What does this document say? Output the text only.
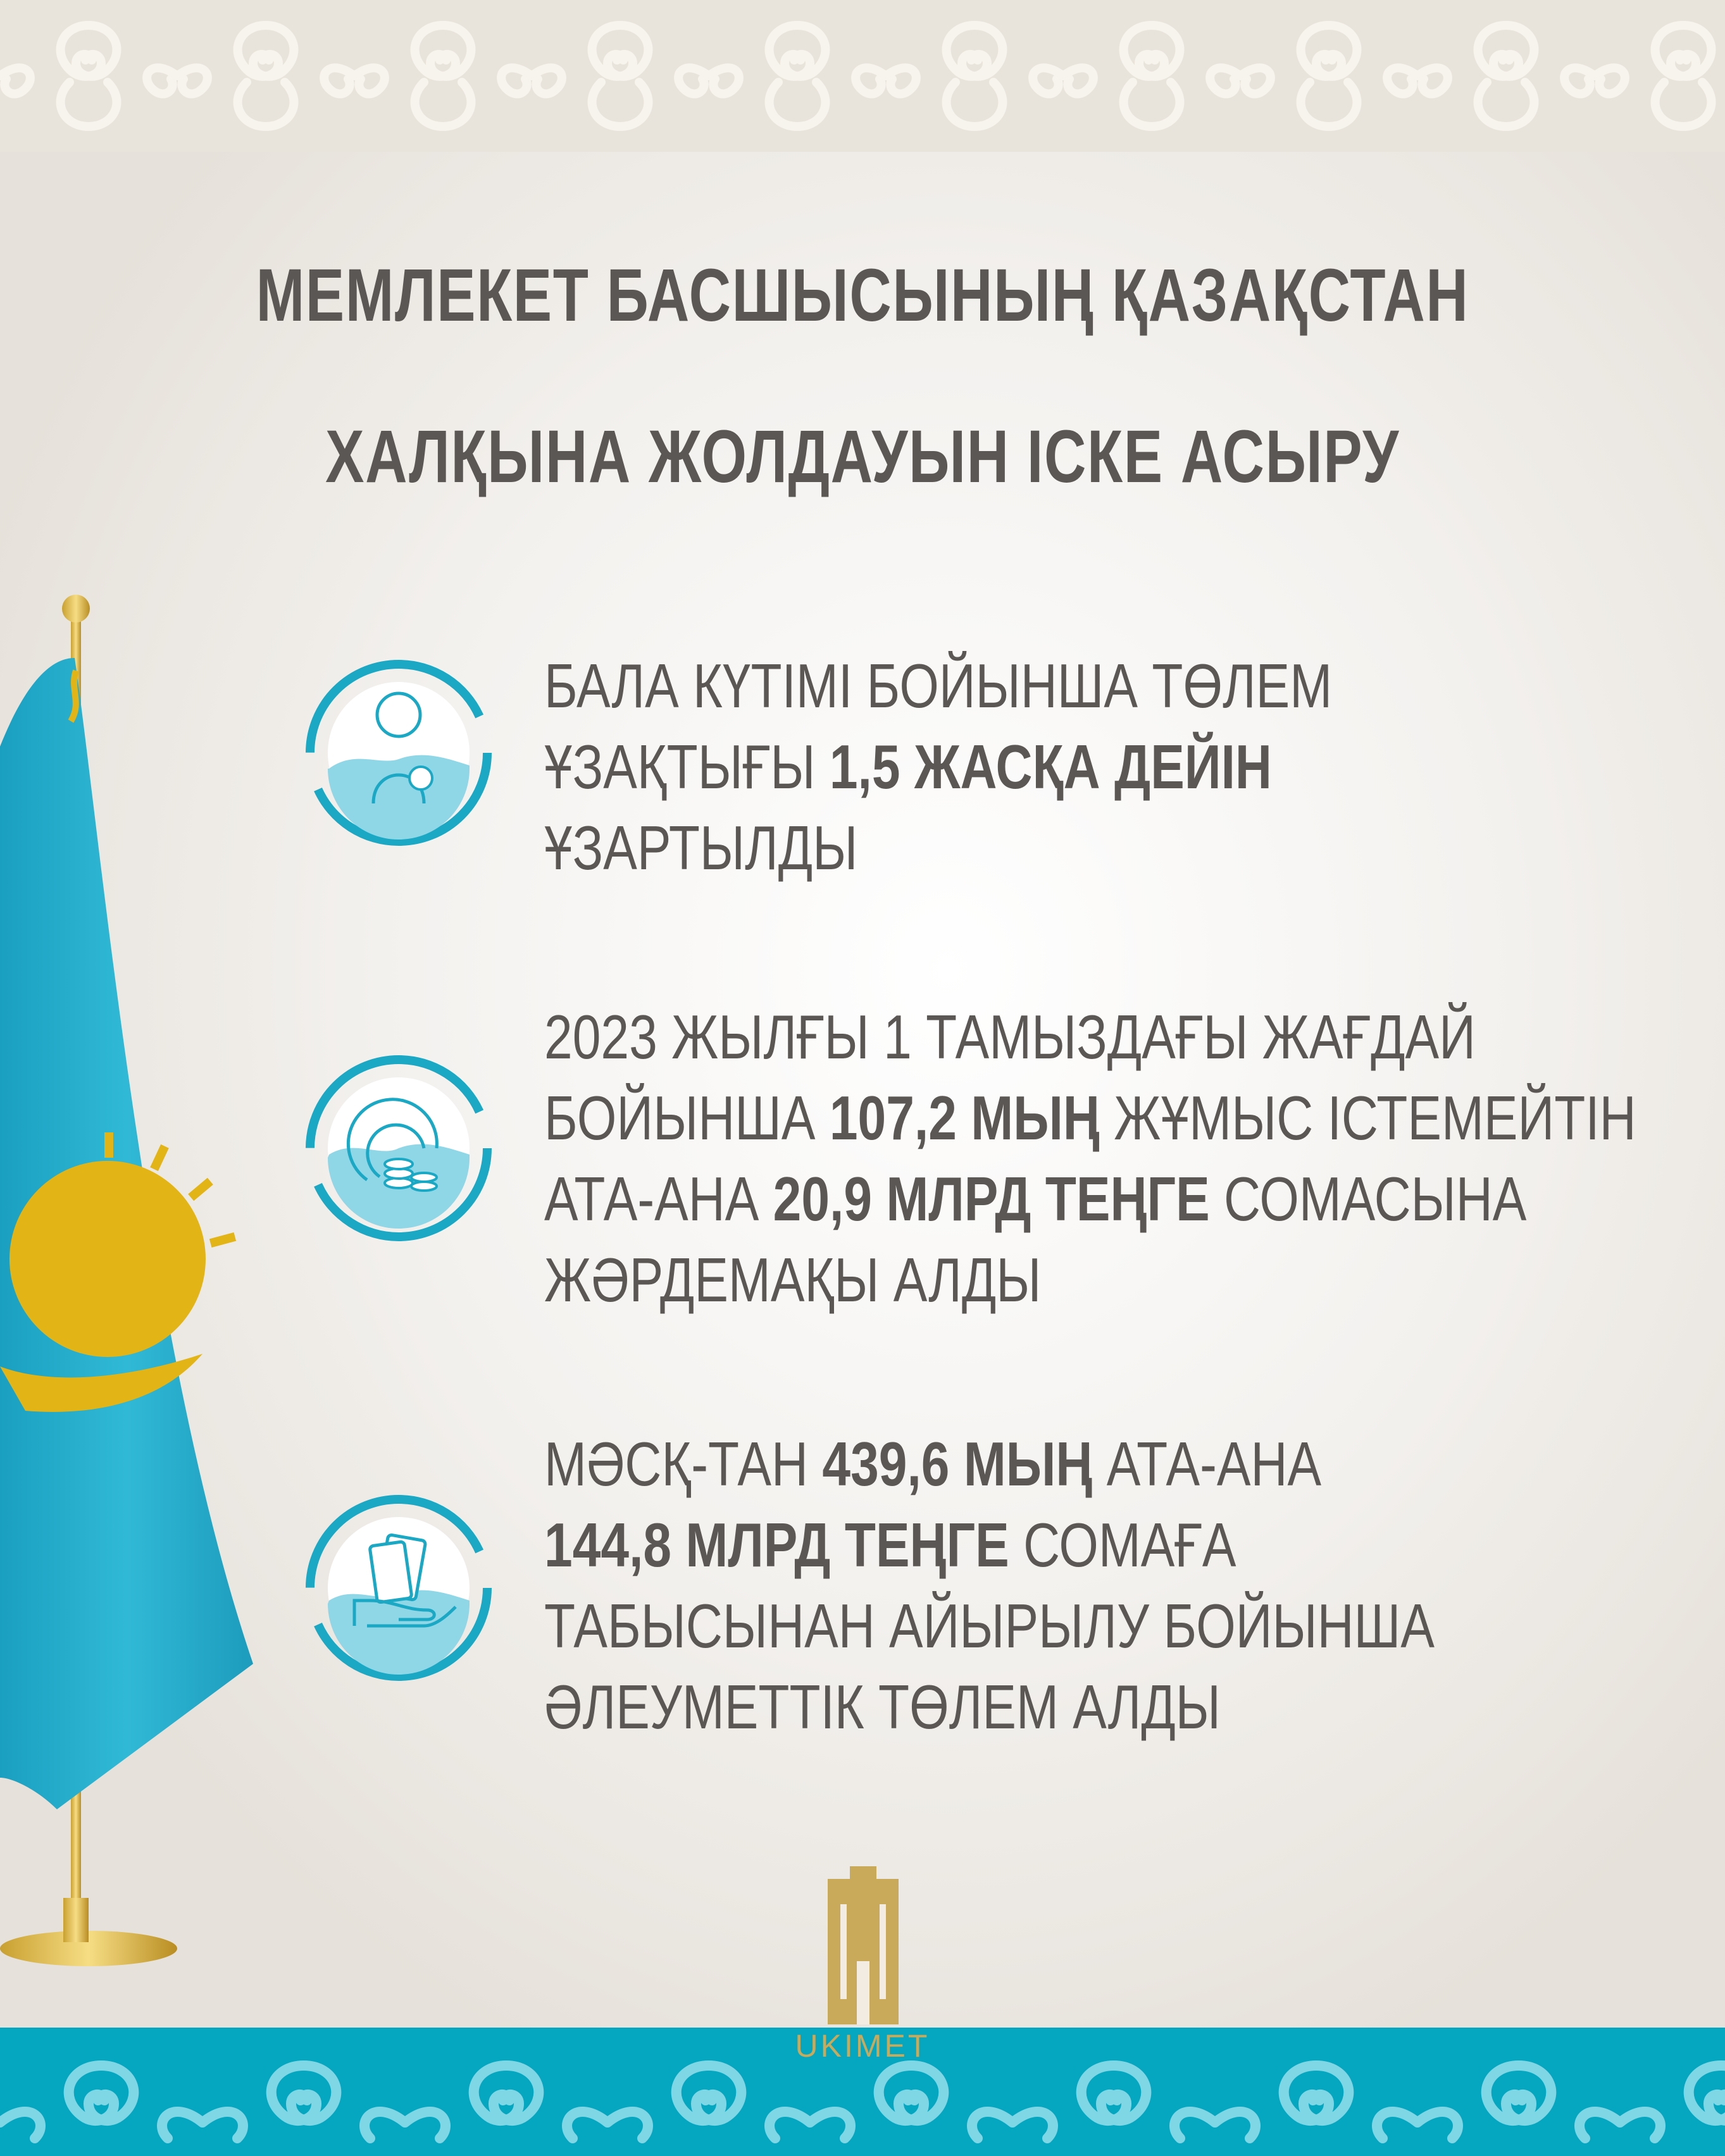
МЕМЛЕКЕТ БАСШЫСЫНЫҢ ҚАЗАҚСТАН
ХАЛҚЫНА ЖОЛДАУЫН ІСКЕ АСЫРУ
БАЛА КҮТІМІ БОЙЫНША ТӨЛЕМ
ҰЗАҚТЫҒЫ 1,5 ЖАСҚА ДЕЙІН
ҰЗАРТЫЛДЫ
2023 ЖЫЛҒЫ 1 ТАМЫЗДАҒЫ ЖАҒДАЙ
БОЙЫНША 107,2 МЫҢ ЖҰМЫС ІСТЕМЕЙТІН
АТА-АНА 20,9 МЛРД ТЕҢГЕ СОМАСЫНА
ЖӘРДЕМАҚЫ АЛДЫ
МӘСҚ-ТАН 439,6 МЫҢ АТА-АНА
144,8 МЛРД ТЕҢГЕ СОМАҒА
ТАБЫСЫНАН АЙЫРЫЛУ БОЙЫНША
ӘЛЕУМЕТТІК ТӨЛЕМ АЛДЫ
UKIMET
